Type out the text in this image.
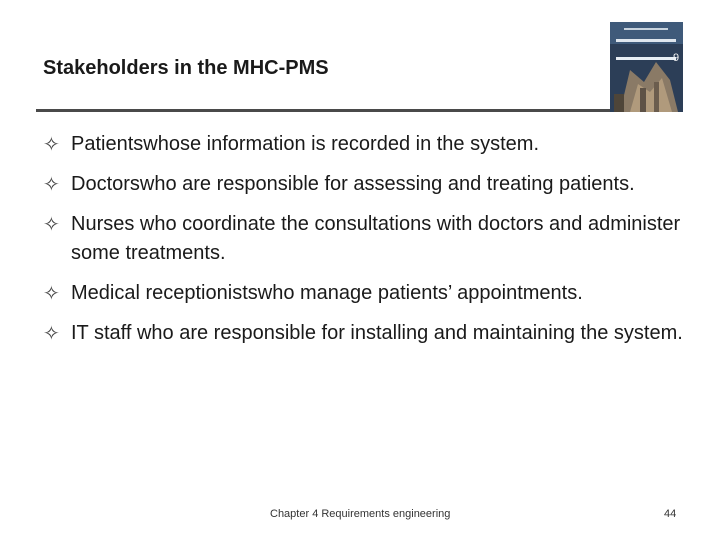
Stakeholders in the MHC-PMS	9
✧ Patientswhose information is recorded in the system.
✧ Doctorswho are responsible for assessing and treating patients.
✧ Nurses who coordinate the consultations with doctors and administer some treatments.
✧ Medical receptionistswho manage patients’ appointments.
✧ IT staff who are responsible for installing and maintaining the system.
Chapter 4 Requirements engineering	44
